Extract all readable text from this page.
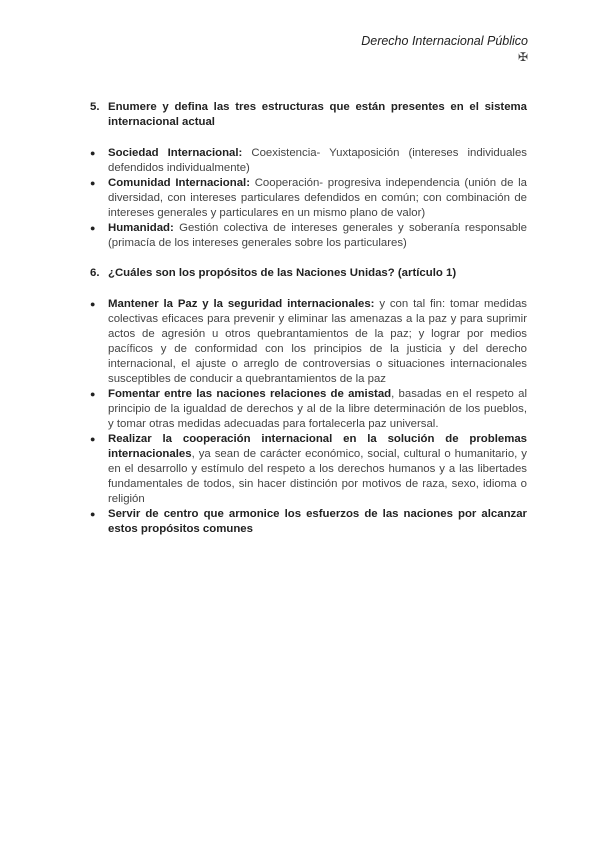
Derecho Internacional Público
✠
5. Enumere y defina las tres estructuras que están presentes en el sistema internacional actual
●	Sociedad Internacional: Coexistencia- Yuxtaposición (intereses individuales defendidos individualmente)
●	Comunidad Internacional: Cooperación- progresiva independencia (unión de la diversidad, con intereses particulares defendidos en común; con combinación de intereses generales y particulares en un mismo plano de valor)
●	Humanidad: Gestión colectiva de intereses generales y soberanía responsable (primacía de los intereses generales sobre los particulares)
6. ¿Cuáles son los propósitos de las Naciones Unidas? (artículo 1)
●	Mantener la Paz y la seguridad internacionales: y con tal fin: tomar medidas colectivas eficaces para prevenir y eliminar las amenazas a la paz y para suprimir actos de agresión u otros quebrantamientos de la paz; y lograr por medios pacíficos y de conformidad con los principios de la justicia y del derecho internacional, el ajuste o arreglo de controversias o situaciones internacionales susceptibles de conducir a quebrantamientos de la paz
●	Fomentar entre las naciones relaciones de amistad, basadas en el respeto al principio de la igualdad de derechos y al de la libre determinación de los pueblos, y tomar otras medidas adecuadas para fortalecerla paz universal.
●	Realizar la cooperación internacional en la solución de problemas internacionales, ya sean de carácter económico, social, cultural o humanitario, y en el desarrollo y estímulo del respeto a los derechos humanos y a las libertades fundamentales de todos, sin hacer distinción por motivos de raza, sexo, idioma o religión
●	Servir de centro que armonice los esfuerzos de las naciones por alcanzar estos propósitos comunes
